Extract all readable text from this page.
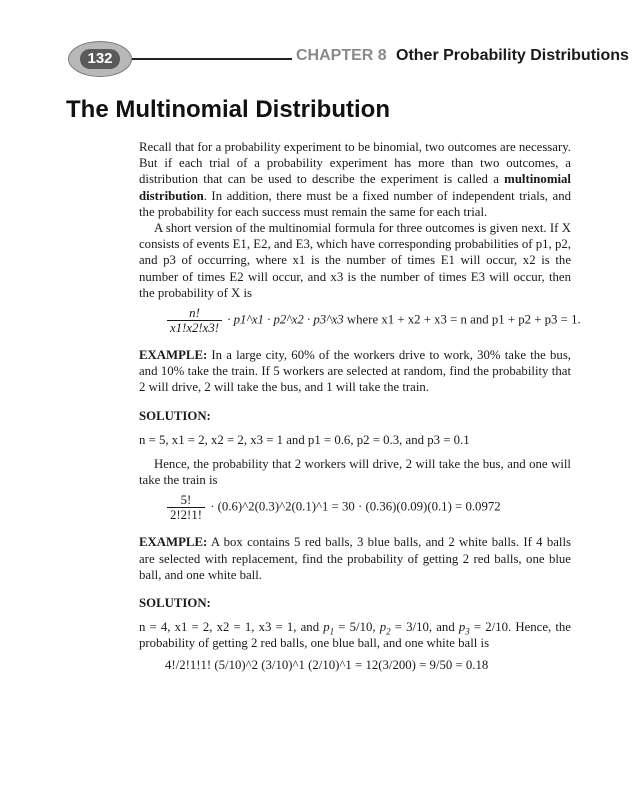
132	CHAPTER 8 Other Probability Distributions
The Multinomial Distribution

Recall that for a probability experiment to be binomial, two outcomes are necessary. But if each trial of a probability experiment has more than two outcomes, a distribution that can be used to describe the experiment is called a multinomial distribution. In addition, there must be a fixed number of independent trials, and the probability for each success must remain the same for each trial.

A short version of the multinomial formula for three outcomes is given next. If X consists of events E1, E2, and E3, which have corresponding probabilities of p1, p2, and p3 of occurring, where x1 is the number of times E1 will occur, x2 is the number of times E2 will occur, and x3 is the number of times E3 will occur, then the probability of X is

$\frac{n!}{x1!x2!x3!}$ · p1^x1 · p2^x2 · p3^x3 where x1 + x2 + x3 = n and p1 + p2 + p3 = 1.

EXAMPLE: In a large city, 60% of the workers drive to work, 30% take the bus, and 10% take the train. If 5 workers are selected at random, find the probability that 2 will drive, 2 will take the bus, and 1 will take the train.

SOLUTION:
n = 5, x1 = 2, x2 = 2, x3 = 1 and p1 = 0.6, p2 = 0.3, and p3 = 0.1

Hence, the probability that 2 workers will drive, 2 will take the bus, and one will take the train is

$\frac{5!}{2!2!1!}$ · (0.6)^2(0.3)^2(0.1)^1 = 30 · (0.36)(0.09)(0.1) = 0.0972

EXAMPLE: A box contains 5 red balls, 3 blue balls, and 2 white balls. If 4 balls are selected with replacement, find the probability of getting 2 red balls, one blue ball, and one white ball.

SOLUTION:

n = 4, x1 = 2, x2 = 1, x3 = 1, and $p_1 = 5/10$, $p_2 = 3/10$, and $p_3 = 2/10$. Hence, the probability of getting 2 red balls, one blue ball, and one white ball is

4!/2!1!1! (5/10)^2 (3/10)^1 (2/10)^1 = 12(3/200) = 9/50 = 0.18
